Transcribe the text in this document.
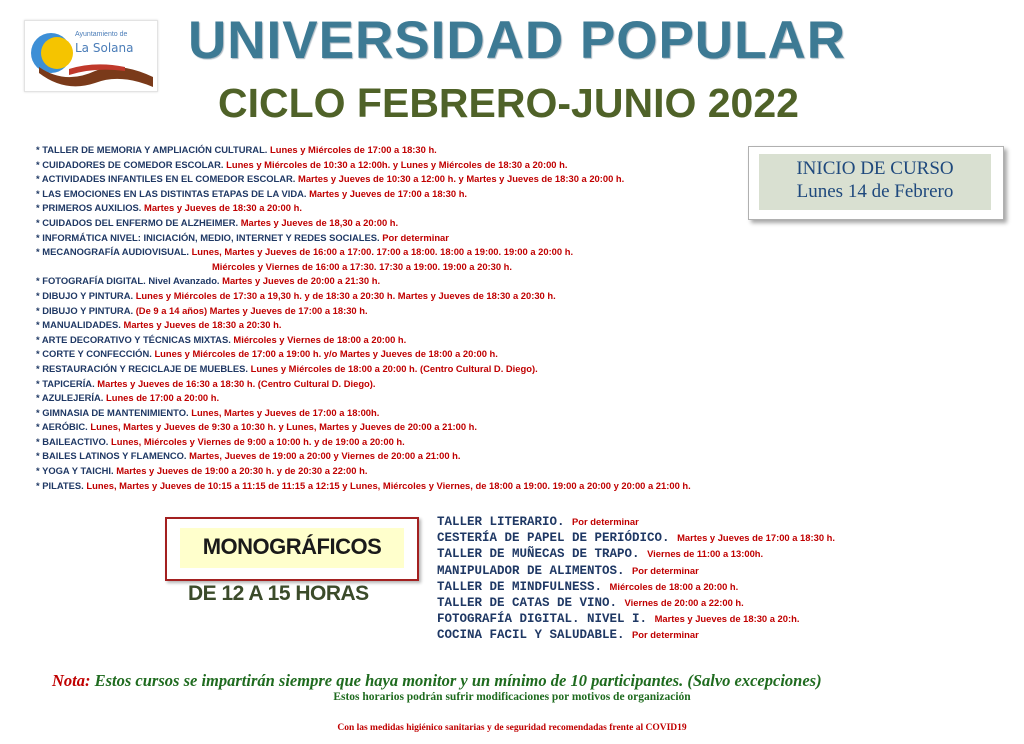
Ayuntamiento de
La Solana UNIVERSIDAD POPULAR
CICLO FEBRERO-JUNIO 2022
INICIO DE CURSO
Lunes 14 de Febrero
* TALLER DE MEMORIA Y AMPLIACIÓN CULTURAL. Lunes y Miércoles de 17:00 a 18:30 h.
* CUIDADORES DE COMEDOR ESCOLAR. Lunes y Miércoles de 10:30 a 12:00h. y Lunes y Miércoles de 18:30 a 20:00 h.
* ACTIVIDADES INFANTILES EN EL COMEDOR ESCOLAR. Martes y Jueves de 10:30 a 12:00 h. y Martes y Jueves de 18:30 a 20:00 h.
* LAS EMOCIONES EN LAS DISTINTAS ETAPAS DE LA VIDA. Martes y Jueves de 17:00 a 18:30 h.
* PRIMEROS AUXILIOS. Martes y Jueves de 18:30 a 20:00 h.
* CUIDADOS DEL ENFERMO DE ALZHEIMER. Martes y Jueves de 18,30 a 20:00 h.
* INFORMÁTICA NIVEL: INICIACIÓN, MEDIO, INTERNET Y REDES SOCIALES. Por determinar
* MECANOGRAFÍA AUDIOVISUAL. Lunes, Martes y Jueves de 16:00 a 17:00. 17:00 a 18:00. 18:00 a 19:00. 19:00 a 20:00 h.
Miércoles y Viernes de 16:00 a 17:30. 17:30 a 19:00. 19:00 a 20:30 h.
* FOTOGRAFÍA DIGITAL. Nivel Avanzado. Martes y Jueves de 20:00 a 21:30 h.
* DIBUJO Y PINTURA. Lunes y Miércoles de 17:30 a 19,30 h. y de 18:30 a 20:30 h. Martes y Jueves de 18:30 a 20:30 h.
* DIBUJO Y PINTURA. (De 9 a 14 años) Martes y Jueves de 17:00 a 18:30 h.
* MANUALIDADES. Martes y Jueves de 18:30 a 20:30 h.
* ARTE DECORATIVO Y TÉCNICAS MIXTAS. Miércoles y Viernes de 18:00 a 20:00 h.
* CORTE Y CONFECCIÓN. Lunes y Miércoles de 17:00 a 19:00 h. y/o Martes y Jueves de 18:00 a 20:00 h.
* RESTAURACIÓN Y RECICLAJE DE MUEBLES. Lunes y Miércoles de 18:00 a 20:00 h. (Centro Cultural D. Diego).
* TAPICERÍA. Martes y Jueves de 16:30 a 18:30 h. (Centro Cultural D. Diego).
* AZULEJERÍA. Lunes de 17:00 a 20:00 h.
* GIMNASIA DE MANTENIMIENTO. Lunes, Martes y Jueves de 17:00 a 18:00h.
* AERÓBIC. Lunes, Martes y Jueves de 9:30 a 10:30 h. y Lunes, Martes y Jueves de 20:00 a 21:00 h.
* BAILEACTIVO. Lunes, Miércoles y Viernes de 9:00 a 10:00 h. y de 19:00 a 20:00 h.
* BAILES LATINOS Y FLAMENCO. Martes, Jueves de 19:00 a 20:00 y Viernes de 20:00 a 21:00 h.
* YOGA Y TAICHI. Martes y Jueves de 19:00 a 20:30 h. y de 20:30 a 22:00 h.
* PILATES. Lunes, Martes y Jueves de 10:15 a 11:15 de 11:15 a 12:15 y Lunes, Miércoles y Viernes, de 18:00 a 19:00. 19:00 a 20:00 y 20:00 a 21:00 h.
MONOGRÁFICOS
DE 12 A 15 HORAS
TALLER LITERARIO. Por determinar
CESTERÍA DE PAPEL DE PERIÓDICO. Martes y Jueves de 17:00 a 18:30 h.
TALLER DE MUÑECAS DE TRAPO. Viernes de 11:00 a 13:00h.
MANIPULADOR DE ALIMENTOS. Por determinar
TALLER DE MINDFULNESS. Miércoles de 18:00 a 20:00 h.
TALLER DE CATAS DE VINO. Viernes de 20:00 a 22:00 h.
FOTOGRAFÍA DIGITAL. NIVEL I. Martes y Jueves de 18:30 a 20:h.
COCINA FACIL Y SALUDABLE. Por determinar
Nota: Estos cursos se impartirán siempre que haya monitor y un mínimo de 10 participantes. (Salvo excepciones)
Estos horarios podrán sufrir modificaciones por motivos de organización
Con las medidas higiénico sanitarias y de seguridad recomendadas frente al COVID19
